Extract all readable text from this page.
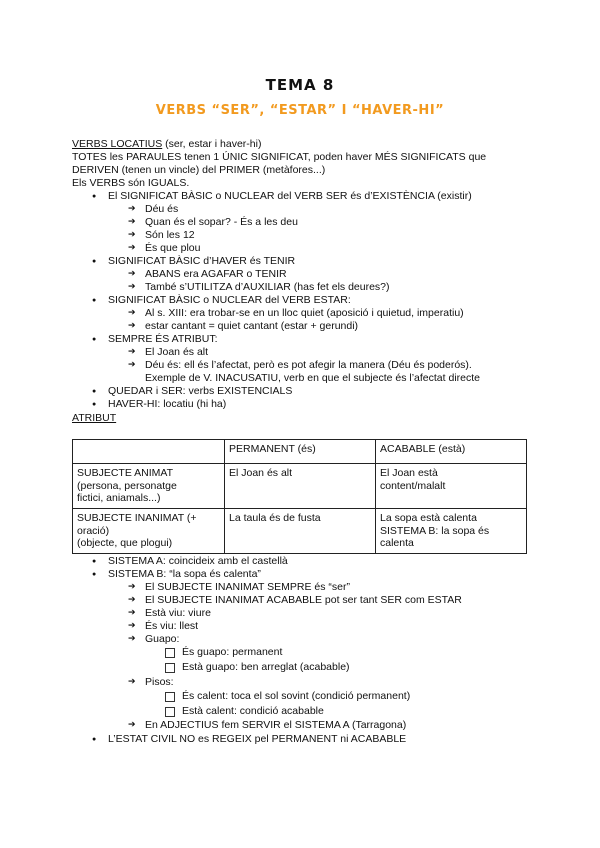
TEMA 8
VERBS “SER”, “ESTAR” I “HAVER-HI”
VERBS LOCATIUS (ser, estar i haver-hi)
TOTES les PARAULES tenen 1 ÚNIC SIGNIFICAT, poden haver MÉS SIGNIFICATS que
DERIVEN (tenen un vincle) del PRIMER (metàfores...)
Els VERBS són IGUALS.
● El SIGNIFICAT BÀSIC o NUCLEAR del VERB SER és d’EXISTÈNCIA (existir)
➔ Déu és
➔ Quan és el sopar? - És a les deu
➔ Són les 12
➔ És que plou
● SIGNIFICAT BÀSIC d’HAVER és TENIR
➔ ABANS era AGAFAR o TENIR
➔ També s’UTILITZA d’AUXILIAR (has fet els deures?)
● SIGNIFICAT BÀSIC o NUCLEAR del VERB ESTAR:
➔ Al s. XIII: era trobar-se en un lloc quiet (aposició i quietud, imperatiu)
➔ estar cantant = quiet cantant (estar + gerundi)
● SEMPRE ÉS ATRIBUT:
➔ El Joan és alt
➔ Déu és: ell és l’afectat, però es pot afegir la manera (Déu és poderós).
Exemple de V. INACUSATIU, verb en que el subjecte és l’afectat directe
● QUEDAR i SER: verbs EXISTENCIALS
● HAVER-HI: locatiu (hi ha)
ATRIBUT
	PERMANENT (és)	ACABABLE (està)
SUBJECTE ANIMAT
(persona, personatge
fictici, aniamals...)	El Joan és alt	El Joan està
content/malalt
SUBJECTE INANIMAT (+
oració)
(objecte, que plogui)	La taula és de fusta	La sopa està calenta
SISTEMA B: la sopa és
calenta
● SISTEMA A: coincideix amb el castellà
● SISTEMA B: “la sopa és calenta”
➔ El SUBJECTE INANIMAT SEMPRE és “ser”
➔ El SUBJECTE INANIMAT ACABABLE pot ser tant SER com ESTAR
➔ Està viu: viure
➔ És viu: llest
➔ Guapo:
És guapo: permanent
Està guapo: ben arreglat (acabable)
➔ Pisos:
És calent: toca el sol sovint (condició permanent)
Està calent: condició acabable
➔ En ADJECTIUS fem SERVIR el SISTEMA A (Tarragona)
● L’ESTAT CIVIL NO es REGEIX pel PERMANENT ni ACABABLE
